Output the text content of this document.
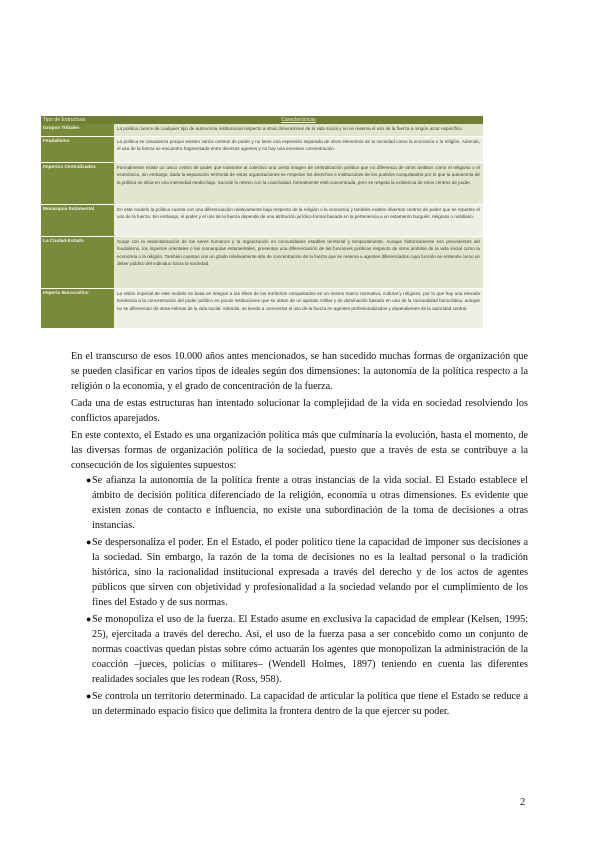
Tipo de Estructura	Características
Grupos Tribales	La política carece de cualquier tipo de autonomía institucional respecto a otras dimensiones de la vida social y no se reserva el uso de la fuerza a ningún actor específico.
Feudalismo	La política se caracteriza porque existen varios centros de poder y no tiene una expresión separada de otros elementos de la sociedad como la economía o la religión. Además, el uso de la fuerza se encuentra fragmentado entre diversos agentes y no hay una excesiva concentración.
Imperios Centralizados	Formalmente existe un único centro de poder que transmite al colectivo una cierta imagen de centralización política que no diferencia de otros ámbitos como el religioso o el económico, sin embargo, dada la separación territorial de estas organizaciones se respetan los derechos e instituciones de los pueblos conquistados por lo que la autonomía de la política se sitúa en una intensidad media-baja. Sucede lo mismo con la coactividad, formalmente está concentrada, pero se respeta la existencia de otros centros de poder.
Monarquía Estamental	En este modelo la política cuenta con una diferenciación relativamente baja respecto de la religión o la economía y también existen diversos centros de poder que se reparten el uso de la fuerza. Sin embargo, el poder y el uso de la fuerza depende de una atribución jurídico-formal basada en la pertenencia a un estamento burgués, religioso o nobiliario.
La Ciudad-Estado	Surge con la sedentarización de los seres humanos y la organización en comunidades estables territorial y temporalmente. Aunque históricamente son precedentes del feudalismo, los imperios orientales o las monarquías estamentales, presentan una diferenciación de las funciones políticas respecto de otros ámbitos de la vida social como la economía o la religión. También cuentan con un grado relativamente alto de concentración de la fuerza que se reserva a agentes diferenciados cuya función se entiende como un deber público del individuo hacia la sociedad.
Imperio Burocrático	La visión imperial de este modelo se basa en integrar a las élites de los territorios conquistados en un mismo marco normativo, cultural y religioso, por lo que hay una elevada tendencia a la concentración del poder político en pocas instituciones que se dotan de un aparato militar y de dominación basado en una de la racionalidad burocrática, aunque no se diferencian de otras esferas de la vida social. Además, se tiende a concentrar el uso de la fuerza en agentes profesionalizados y dependientes de la autoridad central.

En el transcurso de esos 10.000 años antes mencionados, se han sucedido muchas formas de organización que se pueden clasificar en varios tipos de ideales según dos dimensiones: la autonomía de la política respecto a la religión o la economía, y el grado de concentración de la fuerza.

Cada una de estas estructuras han intentado solucionar la complejidad de la vida en sociedad resolviendo los conflictos aparejados.

En este contexto, el Estado es una organización política más que culminaría la evolución, hasta el momento, de las diversas formas de organización política de la sociedad, puesto que a través de esta se contribuye a la consecución de los siguientes supuestos:

● Se afianza la autonomía de la política frente a otras instancias de la vida social. El Estado establece el ámbito de decisión política diferenciado de la religión, economía u otras dimensiones. Es evidente que existen zonas de contacto e influencia, no existe una subordinación de la toma de decisiones a otras instancias.
● Se despersonaliza el poder. En el Estado, el poder político tiene la capacidad de imponer sus decisiones a la sociedad. Sin embargo, la razón de la toma de decisiones no es la lealtad personal o la tradición histórica, sino la racionalidad institucional expresada a través del derecho y de los actos de agentes públicos que sirven con objetividad y profesionalidad a la sociedad velando por el cumplimiento de los fines del Estado y de sus normas.
● Se monopoliza el uso de la fuerza. El Estado asume en exclusiva la capacidad de emplear (Kelsen, 1995: 25), ejercitada a través del derecho. Así, el uso de la fuerza pasa a ser concebido como un conjunto de normas coactivas quedan pistas sobre cómo actuarán los agentes que monopolizan la administración de la coacción –jueces, policías o militares– (Wendell Holmes, 1897) teniendo en cuenta las diferentes realidades sociales que les rodean (Ross, 958).
● Se controla un territorio determinado. La capacidad de articular la política que tiene el Estado se reduce a un determinado espacio físico que delimita la frontera dentro de la que ejercer su poder.
2
